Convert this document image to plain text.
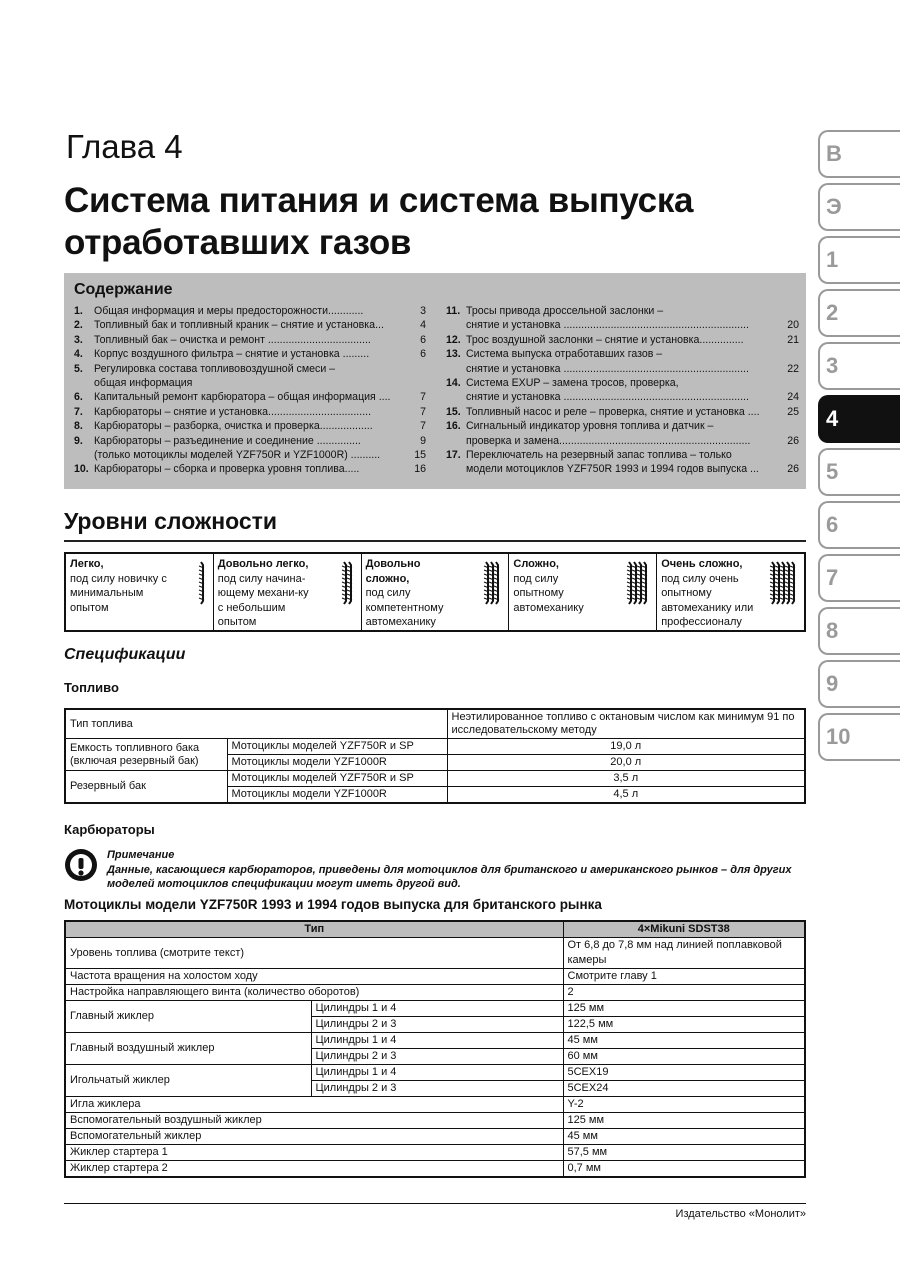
Глава 4
Система питания и система выпуска отработавших газов
Содержание
1.	Общая информация и меры предосторожности............	3
2.	Топливный бак и топливный краник – снятие и установка...	4
3.	Топливный бак – очистка и ремонт ...................................	6
4.	Корпус воздушного фильтра – снятие и установка .........	6
5.	Регулировка состава топливовоздушной смеси –
общая информация
6.	Капитальный ремонт карбюратора – общая информация ....	7
7.	Карбюраторы – снятие и установка...................................	7
8.	Карбюраторы – разборка, очистка и проверка..................	7
9.	Карбюраторы – разъединение и соединение ...............	9
(только мотоциклы моделей YZF750R и YZF1000R) ..........	15
10. Карбюраторы – сборка и проверка уровня топлива.....	16
11. Тросы привода дроссельной заслонки –
снятие и установка ...............................................................	20
12. Трос воздушной заслонки – снятие и установка...............	21
13. Система выпуска отработавших газов –
снятие и установка ...............................................................	22
14. Система EXUP – замена тросов, проверка,
снятие и установка ...............................................................	24
15. Топливный насос и реле – проверка, снятие и установка ....	25
16. Сигнальный индикатор уровня топлива и датчик –
проверка и замена.................................................................	26
17. Переключатель на резервный запас топлива – только
модели мотоциклов YZF750R 1993 и 1994 годов выпуска ...	26
Уровни сложности
Легко,
под силу новичку с минимальным опытом
Довольно легко,
под силу начина-ющему механи-ку с небольшим опытом
Довольно сложно,
под силу компетентному автомеханику
Сложно,
под силу опытному автомеханику
Очень сложно,
под силу очень опытному автомеханику или профессионалу
Спецификации
Топливо
Тип топлива		Неэтилированное топливо с октановым числом как минимум 91 по исследовательскому методу
Емкость топливного бака (включая резервный бак)	Мотоциклы моделей YZF750R и SP	19,0 л
	Мотоциклы модели YZF1000R	20,0 л
Резервный бак	Мотоциклы моделей YZF750R и SP	3,5 л
	Мотоциклы модели YZF1000R	4,5 л
Карбюраторы
Примечание
Данные, касающиеся карбюраторов, приведены для мотоциклов для британского и американского рынков – для других моделей мотоциклов спецификации могут иметь другой вид.
Мотоциклы модели YZF750R 1993 и 1994 годов выпуска для британского рынка
Тип		4×Mikuni SDST38
Уровень топлива (смотрите текст)		От 6,8 до 7,8 мм над линией поплавковой камеры
Частота вращения на холостом ходу		Смотрите главу 1
Настройка направляющего винта (количество оборотов)		2
Главный жиклер	Цилиндры 1 и 4	125 мм
	Цилиндры 2 и 3	122,5 мм
Главный воздушный жиклер	Цилиндры 1 и 4	45 мм
	Цилиндры 2 и 3	60 мм
Игольчатый жиклер	Цилиндры 1 и 4	5CEX19
	Цилиндры 2 и 3	5CEX24
Игла жиклера		Y-2
Вспомогательный воздушный жиклер		125 мм
Вспомогательный жиклер		45 мм
Жиклер стартера 1		57,5 мм
Жиклер стартера 2		0,7 мм
Издательство «Монолит»
В
Э
1
2
3
4
5
6
7
8
9
10
